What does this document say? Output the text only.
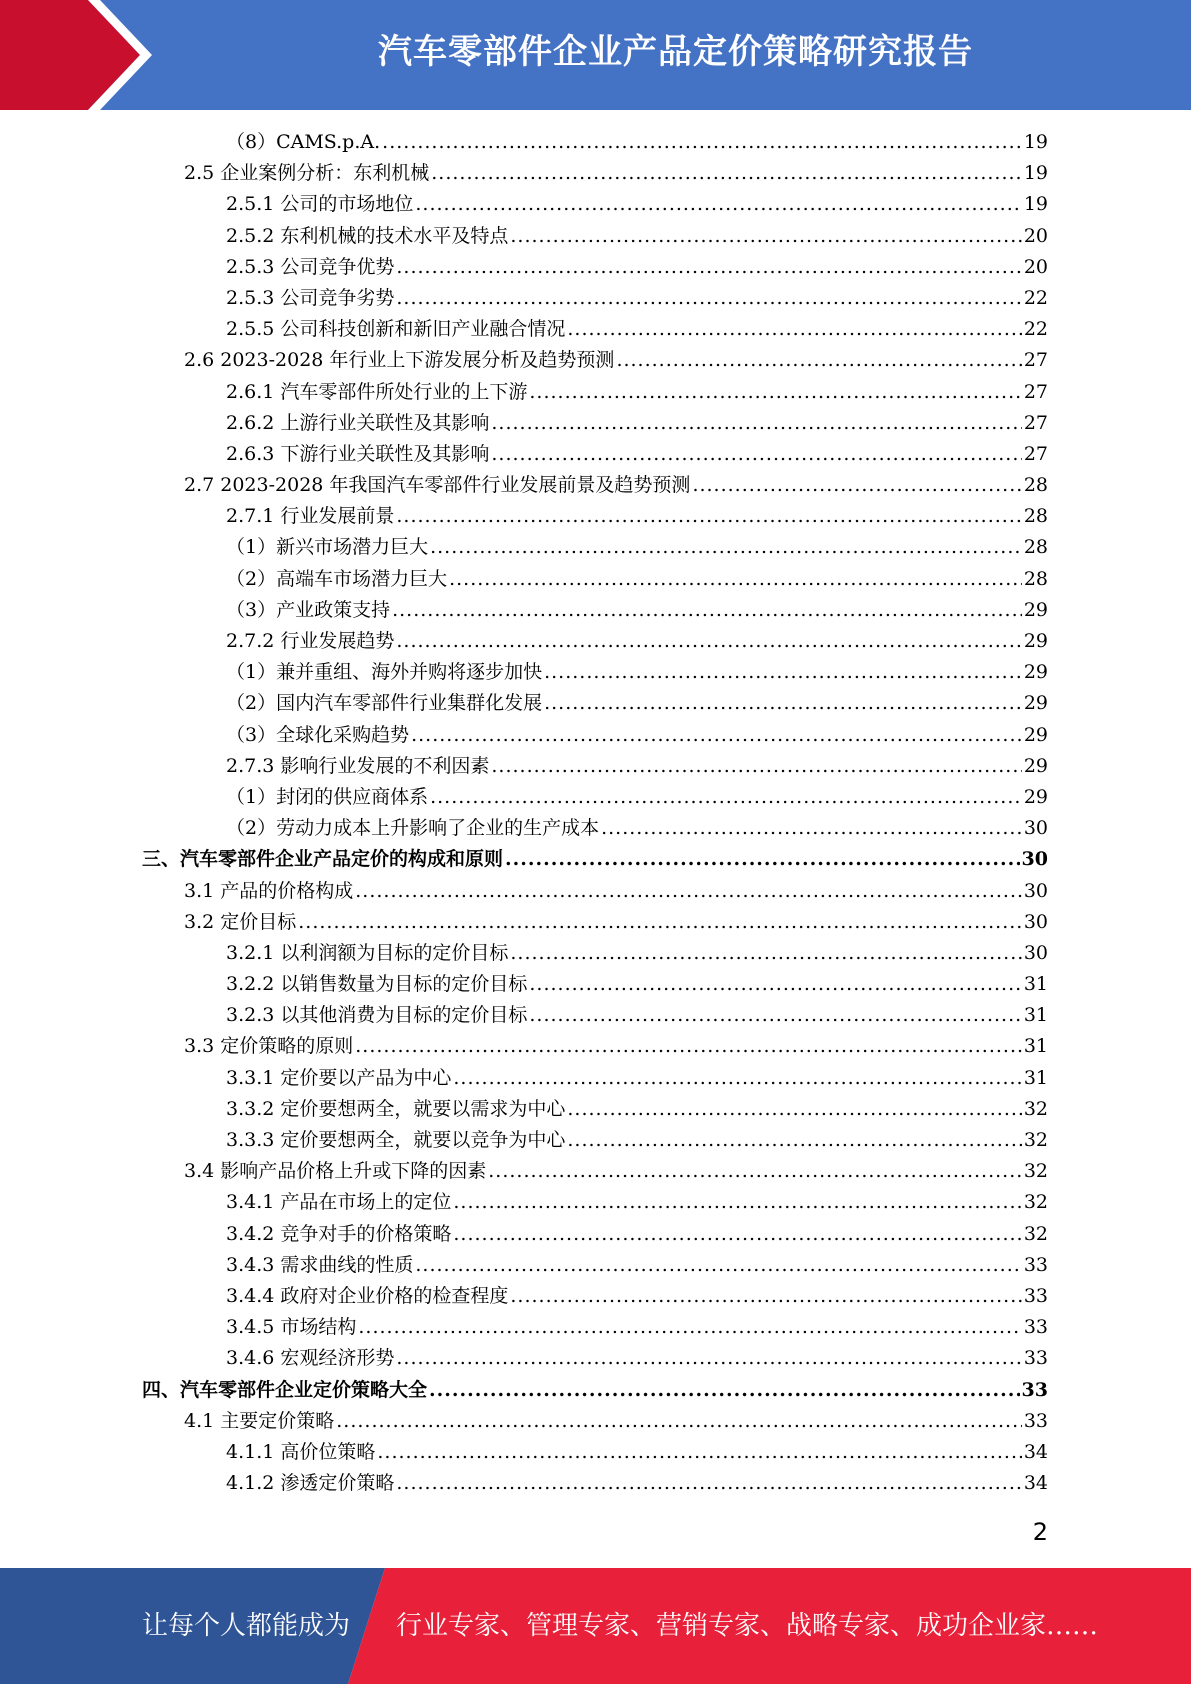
汽车零部件企业产品定价策略研究报告
（8）CAMS.p.A. .....	19
2.5 企业案例分析：东利机械 .....	19
2.5.1 公司的市场地位 .....	19
2.5.2 东利机械的技术水平及特点 .....	20
2.5.3 公司竞争优势 .....	20
2.5.3 公司竞争劣势 .....	22
2.5.5 公司科技创新和新旧产业融合情况 .....	22
2.6 2023-2028 年行业上下游发展分析及趋势预测 .....	27
2.6.1 汽车零部件所处行业的上下游 .....	27
2.6.2 上游行业关联性及其影响 .....	27
2.6.3 下游行业关联性及其影响 .....	27
2.7 2023-2028 年我国汽车零部件行业发展前景及趋势预测 .....	28
2.7.1 行业发展前景 .....	28
（1）新兴市场潜力巨大 .....	28
（2）高端车市场潜力巨大 .....	28
（3）产业政策支持 .....	29
2.7.2 行业发展趋势 .....	29
（1）兼并重组、海外并购将逐步加快 .....	29
（2）国内汽车零部件行业集群化发展 .....	29
（3）全球化采购趋势 .....	29
2.7.3 影响行业发展的不利因素 .....	29
（1）封闭的供应商体系 .....	29
（2）劳动力成本上升影响了企业的生产成本 .....	30
三、汽车零部件企业产品定价的构成和原则 .....	30
3.1 产品的价格构成 .....	30
3.2 定价目标 .....	30
3.2.1 以利润额为目标的定价目标 .....	30
3.2.2 以销售数量为目标的定价目标 .....	31
3.2.3 以其他消费为目标的定价目标 .....	31
3.3 定价策略的原则 .....	31
3.3.1 定价要以产品为中心 .....	31
3.3.2 定价要想两全，就要以需求为中心 .....	32
3.3.3 定价要想两全，就要以竞争为中心 .....	32
3.4 影响产品价格上升或下降的因素 .....	32
3.4.1 产品在市场上的定位 .....	32
3.4.2 竞争对手的价格策略 .....	32
3.4.3 需求曲线的性质 .....	33
3.4.4 政府对企业价格的检查程度 .....	33
3.4.5 市场结构 .....	33
3.4.6 宏观经济形势 .....	33
四、汽车零部件企业定价策略大全 .....	33
4.1 主要定价策略 .....	33
4.1.1 高价位策略 .....	34
4.1.2 渗透定价策略 .....	34
2
让每个人都能成为 行业专家、管理专家、营销专家、战略专家、成功企业家……
